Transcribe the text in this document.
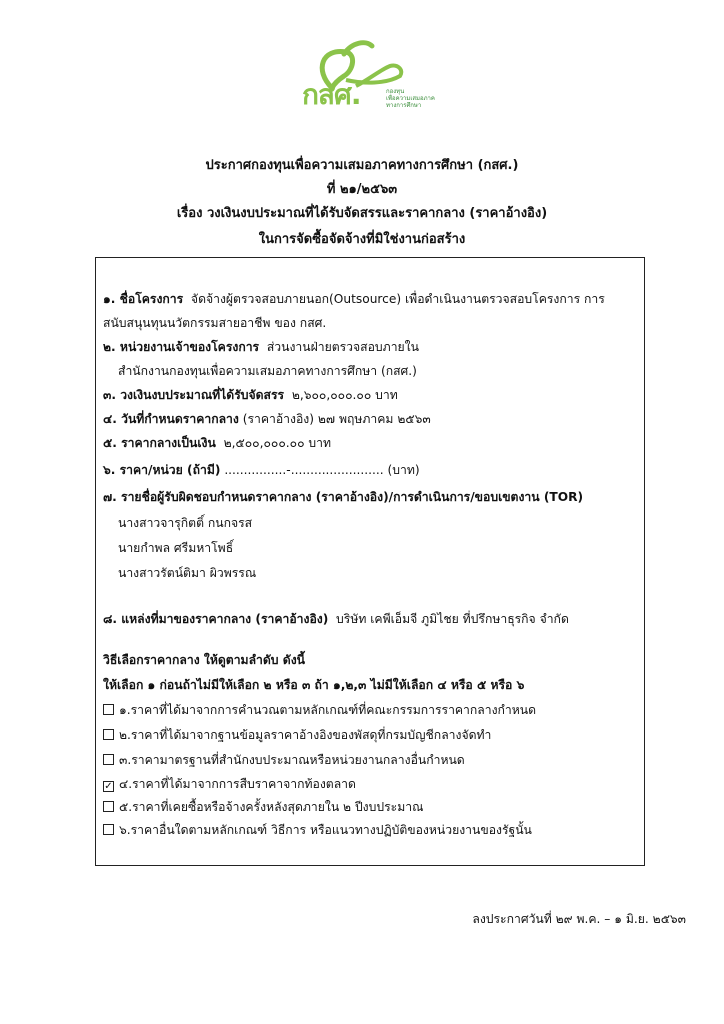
กสศ.	กองทุน
เพื่อความเสมอภาค
ทางการศึกษา
ประกาศกองทุนเพื่อความเสมอภาคทางการศึกษา (กสศ.)
ที่ ๒๑/๒๕๖๓
เรื่อง วงเงินงบประมาณที่ได้รับจัดสรรและราคากลาง (ราคาอ้างอิง)
ในการจัดซื้อจัดจ้างที่มิใช่งานก่อสร้าง
๑. ชื่อโครงการ จัดจ้างผู้ตรวจสอบภายนอก(Outsource) เพื่อดำเนินงานตรวจสอบโครงการ การ
สนับสนุนทุนนวัตกรรมสายอาชีพ ของ กสศ.
๒. หน่วยงานเจ้าของโครงการ ส่วนงานฝ่ายตรวจสอบภายใน
สำนักงานกองทุนเพื่อความเสมอภาคทางการศึกษา (กสศ.)
๓. วงเงินงบประมาณที่ได้รับจัดสรร ๒,๖๐๐,๐๐๐.๐๐ บาท
๔. วันที่กำหนดราคากลาง (ราคาอ้างอิง) ๒๗ พฤษภาคม ๒๕๖๓
๕. ราคากลางเป็นเงิน ๒,๕๐๐,๐๐๐.๐๐ บาท
๖. ราคา/หน่วย (ถ้ามี) ................-........................ (บาท)
๗. รายชื่อผู้รับผิดชอบกำหนดราคากลาง (ราคาอ้างอิง)/การดำเนินการ/ขอบเขตงาน (TOR)
นางสาวจารุกิตติ์ กนกจรส
นายกำพล ศรีมหาโพธิ์
นางสาวรัตน์ติมา ผิวพรรณ
๘. แหล่งที่มาของราคากลาง (ราคาอ้างอิง) บริษัท เคพีเอ็มจี ภูมิไชย ที่ปรึกษาธุรกิจ จำกัด
วิธีเลือกราคากลาง ให้ดูตามลำดับ ดังนี้
ให้เลือก ๑ ก่อนถ้าไม่มีให้เลือก ๒ หรือ ๓ ถ้า ๑,๒,๓ ไม่มีให้เลือก ๔ หรือ ๕ หรือ ๖
๑.ราคาที่ได้มาจากการคำนวณตามหลักเกณฑ์ที่คณะกรรมการราคากลางกำหนด
๒.ราคาที่ได้มาจากฐานข้อมูลราคาอ้างอิงของพัสดุที่กรมบัญชีกลางจัดทำ
๓.ราคามาตรฐานที่สำนักงบประมาณหรือหน่วยงานกลางอื่นกำหนด
✓ ๔.ราคาที่ได้มาจากการสืบราคาจากท้องตลาด
๕.ราคาที่เคยซื้อหรือจ้างครั้งหลังสุดภายใน ๒ ปีงบประมาณ
๖.ราคาอื่นใดตามหลักเกณฑ์ วิธีการ หรือแนวทางปฏิบัติของหน่วยงานของรัฐนั้น
ลงประกาศวันที่ ๒๙ พ.ค. – ๑ มิ.ย. ๒๕๖๓
